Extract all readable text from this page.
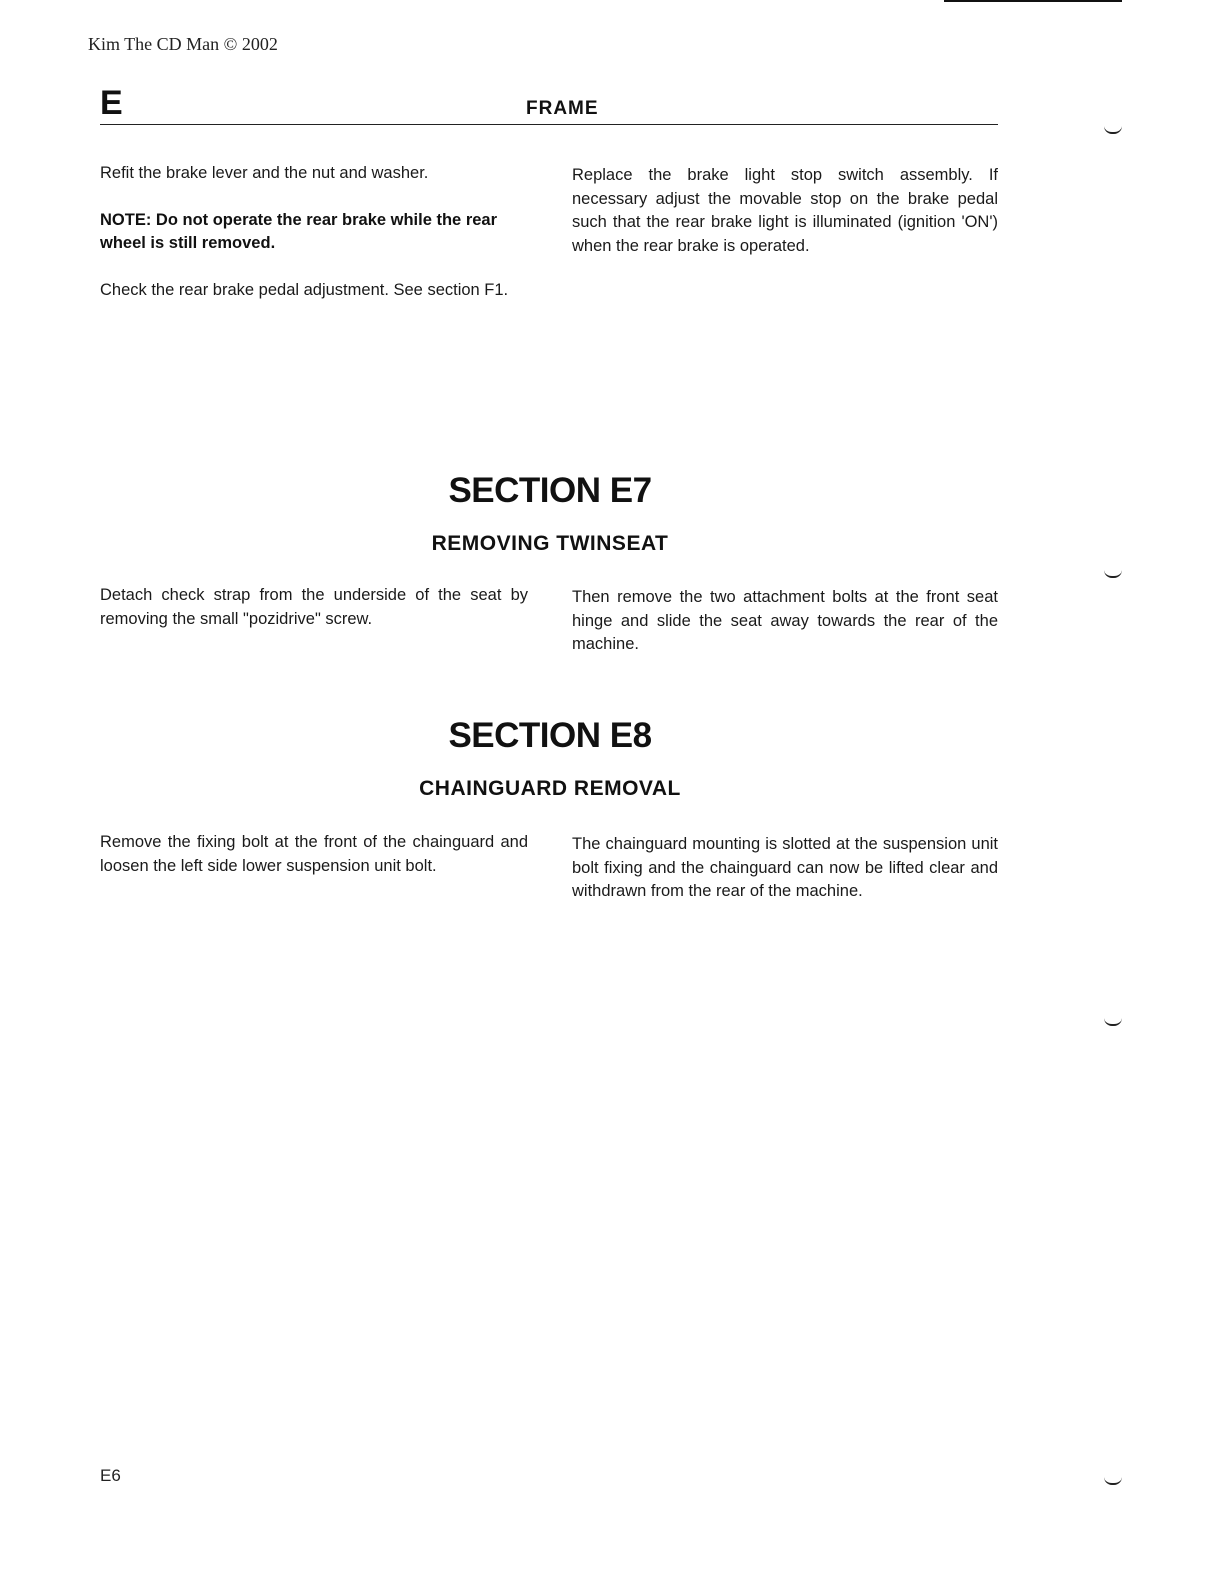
Kim The CD Man © 2002
E	FRAME

Refit the brake lever and the nut and washer.

NOTE: Do not operate the rear brake while the rear wheel is still removed.

Check the rear brake pedal adjustment. See section F1.

Replace the brake light stop switch assembly. If necessary adjust the movable stop on the brake pedal such that the rear brake light is illuminated (ignition 'ON') when the rear brake is operated.

SECTION E7
REMOVING TWINSEAT

Detach check strap from the underside of the seat by removing the small "pozidrive" screw.

Then remove the two attachment bolts at the front seat hinge and slide the seat away towards the rear of the machine.

SECTION E8
CHAINGUARD REMOVAL

Remove the fixing bolt at the front of the chainguard and loosen the left side lower suspension unit bolt.

The chainguard mounting is slotted at the suspension unit bolt fixing and the chainguard can now be lifted clear and withdrawn from the rear of the machine.

E6
